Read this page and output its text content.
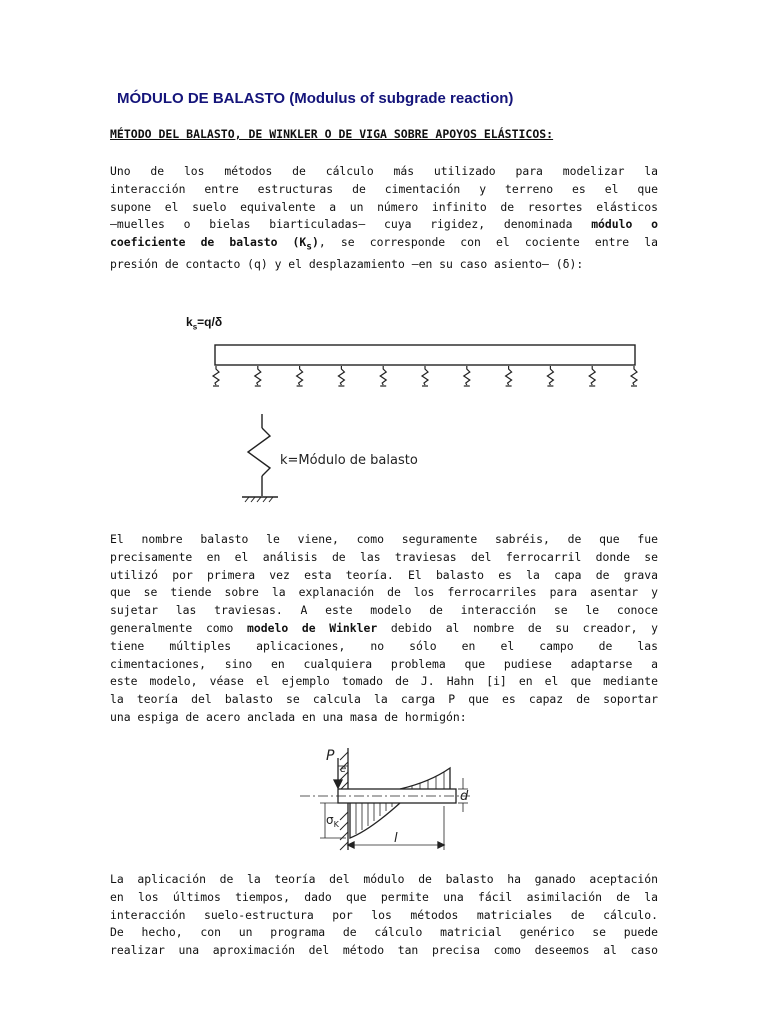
MÓDULO DE BALASTO (Modulus of subgrade reaction)
MÉTODO DEL BALASTO, DE WINKLER O DE VIGA SOBRE APOYOS ELÁSTICOS:
Uno de los métodos de cálculo más utilizado para modelizar la
interacción entre estructuras de cimentación y terreno es el que
supone el suelo equivalente a un número infinito de resortes elásticos
–muelles o bielas biarticuladas– cuya rigidez, denominada módulo o
coeficiente de balasto $(K_s)$, se corresponde con el cociente entre la
presión de contacto (q) y el desplazamiento –en su caso asiento– (δ):
$k_s=q/\delta$
k=Módulo de balasto
El nombre balasto le viene, como seguramente sabréis, de que fue
precisamente en el análisis de las traviesas del ferrocarril donde se
utilizó por primera vez esta teoría. El balasto es la capa de grava
que se tiende sobre la explanación de los ferrocarriles para asentar y
sujetar las traviesas. A este modelo de interacción se le conoce
generalmente como modelo de Winkler debido al nombre de su creador, y
tiene múltiples aplicaciones, no sólo en el campo de las
cimentaciones, sino en cualquiera problema que pudiese adaptarse a
este modelo, véase el ejemplo tomado de J. Hahn [i] en el que mediante
la teoría del balasto se calcula la carga P que es capaz de soportar
una espiga de acero anclada en una masa de hormigón:
P
e
d
$\sigma_K$
l
La aplicación de la teoría del módulo de balasto ha ganado aceptación
en los últimos tiempos, dado que permite una fácil asimilación de la
interacción suelo-estructura por los métodos matriciales de cálculo.
De hecho, con un programa de cálculo matricial genérico se puede
realizar una aproximación del método tan precisa como deseemos al caso
